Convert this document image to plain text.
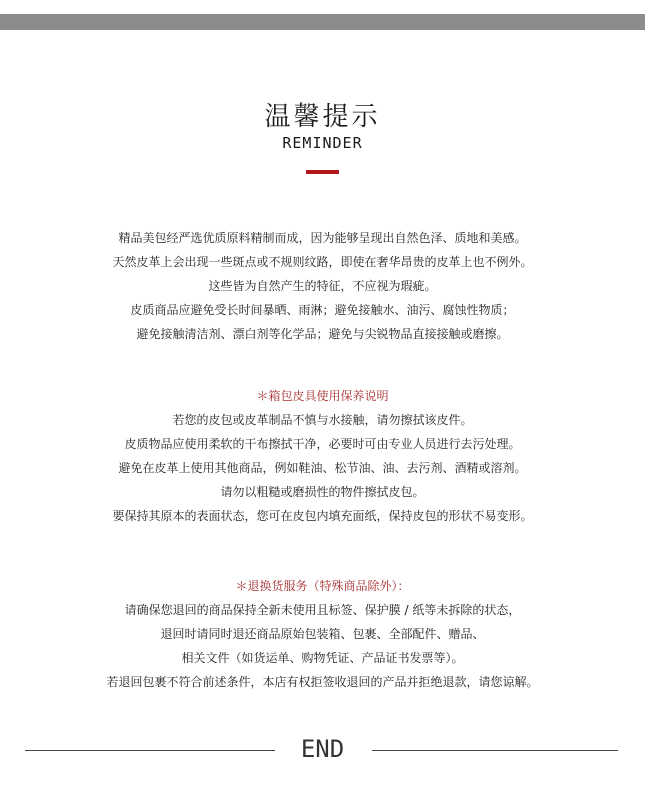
温馨提示
REMINDER

精品美包经严选优质原料精制而成，因为能够呈现出自然色泽、质地和美感。

天然皮革上会出现一些斑点或不规则纹路，即使在奢华昂贵的皮革上也不例外。

这些皆为自然产生的特征，不应视为瑕疵。

皮质商品应避免受长时间暴晒、雨淋；避免接触水、油污、腐蚀性物质；

避免接触清洁剂、漂白剂等化学品；避免与尖锐物品直接接触或磨擦。

＊箱包皮具使用保养说明

若您的皮包或皮革制品不慎与水接触，请勿擦拭该皮件。

皮质物品应使用柔软的干布擦拭干净，必要时可由专业人员进行去污处理。

避免在皮革上使用其他商品，例如鞋油、松节油、油、去污剂、酒精或溶剂。

请勿以粗糙或磨损性的物件擦拭皮包。

要保持其原本的表面状态，您可在皮包内填充面纸，保持皮包的形状不易变形。

＊退换货服务（特殊商品除外）：

请确保您退回的商品保持全新未使用且标签、保护膜 / 纸等未拆除的状态，

退回时请同时退还商品原始包装箱、包裹、全部配件、赠品、

相关文件（如货运单、购物凭证、产品证书发票等）。

若退回包裹不符合前述条件，本店有权拒签收退回的产品并拒绝退款，请您谅解。

END
